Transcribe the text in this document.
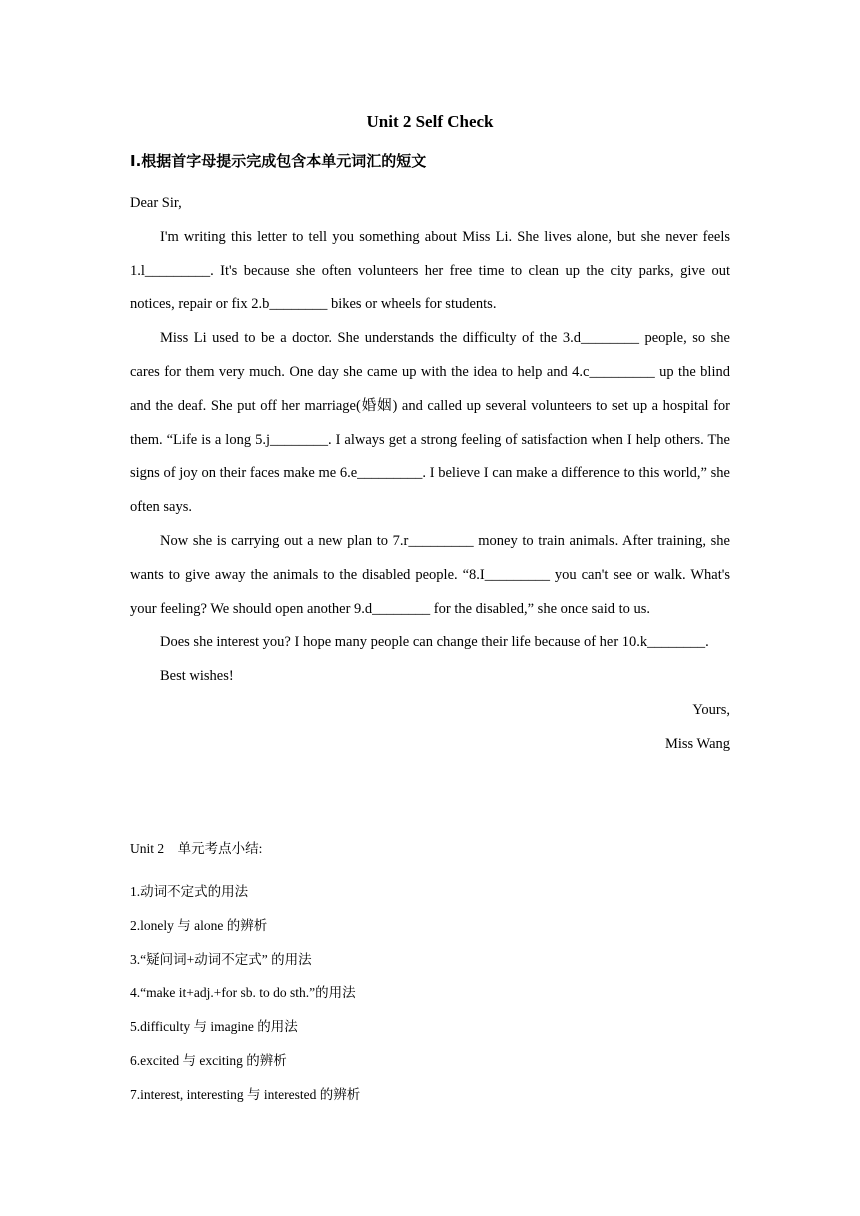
Unit 2 Self Check
I.根据首字母提示完成包含本单元词汇的短文

Dear Sir,

I'm writing this letter to tell you something about Miss Li. She lives alone, but she never feels 1.l_________. It's because she often volunteers her free time to clean up the city parks, give out notices, repair or fix 2.b________ bikes or wheels for students.

Miss Li used to be a doctor. She understands the difficulty of the 3.d________ people, so she cares for them very much. One day she came up with the idea to help and 4.c_________ up the blind and the deaf. She put off her marriage(婚姻) and called up several volunteers to set up a hospital for them. “Life is a long 5.j________. I always get a strong feeling of satisfaction when I help others. The signs of joy on their faces make me 6.e_________. I believe I can make a difference to this world,” she often says.

Now she is carrying out a new plan to 7.r_________ money to train animals. After training, she wants to give away the animals to the disabled people. “8.I_________ you can't see or walk. What's your feeling? We should open another 9.d________ for the disabled,” she once said to us.

Does she interest you? I hope many people can change their life because of her 10.k________.

Best wishes!

Yours,

Miss Wang

Unit 2　单元考点小结:

1.动词不定式的用法
2.lonely 与 alone 的辨析
3.“疑问词+动词不定式” 的用法
4.“make it+adj.+for sb. to do sth.”的用法
5.difficulty 与 imagine 的用法
6.excited 与 exciting 的辨析
7.interest, interesting 与 interested 的辨析
